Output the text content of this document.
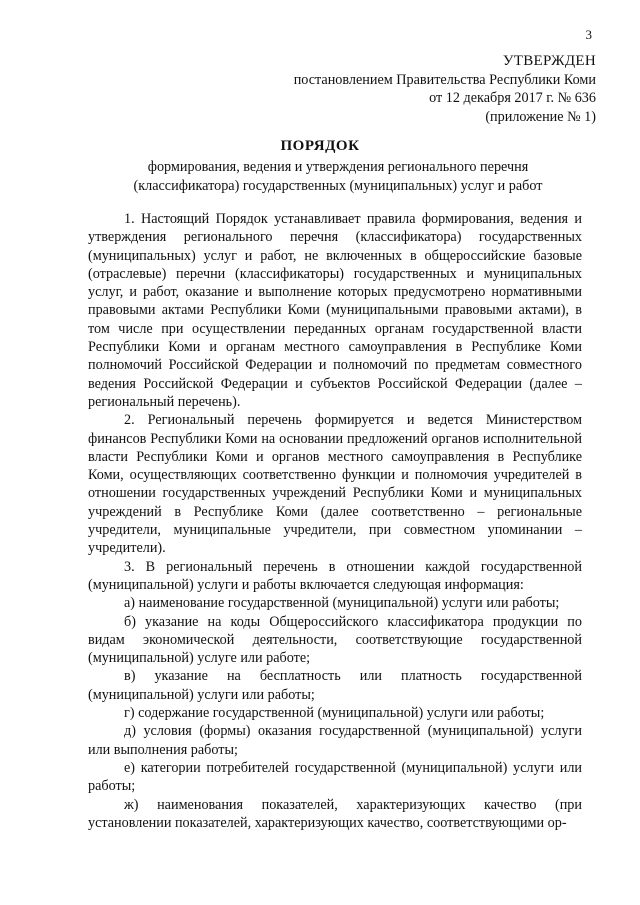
3
УТВЕРЖДЕН
постановлением Правительства Республики Коми
от 12 декабря 2017 г. № 636
(приложение № 1)
ПОРЯДОК
формирования, ведения и утверждения регионального перечня
(классификатора) государственных (муниципальных) услуг и работ

1. Настоящий Порядок устанавливает правила формирования, ведения и утверждения регионального перечня (классификатора) государственных (муниципальных) услуг и работ, не включенных в общероссийские базовые (отраслевые) перечни (классификаторы) государственных и муниципальных услуг, и работ, оказание и выполнение которых предусмотрено нормативными правовыми актами Республики Коми (муниципальными правовыми актами), в том числе при осуществлении переданных органам государственной власти Республики Коми и органам местного самоуправления в Республике Коми полномочий Российской Федерации и полномочий по предметам совместного ведения Российской Федерации и субъектов Российской Федерации (далее – региональный перечень).

2. Региональный перечень формируется и ведется Министерством финансов Республики Коми на основании предложений органов исполнительной власти Республики Коми и органов местного самоуправления в Республике Коми, осуществляющих соответственно функции и полномочия учредителей в отношении государственных учреждений Республики Коми и муниципальных учреждений в Республике Коми (далее соответственно – региональные учредители, муниципальные учредители, при совместном упоминании – учредители).

3. В региональный перечень в отношении каждой государственной (муниципальной) услуги и работы включается следующая информация:

а) наименование государственной (муниципальной) услуги или работы;

б) указание на коды Общероссийского классификатора продукции по видам экономической деятельности, соответствующие государственной (муниципальной) услуге или работе;

в) указание на бесплатность или платность государственной (муниципальной) услуги или работы;

г) содержание государственной (муниципальной) услуги или работы;

д) условия (формы) оказания государственной (муниципальной) услуги или выполнения работы;

е) категории потребителей государственной (муниципальной) услуги или работы;

ж) наименования показателей, характеризующих качество (при установлении показателей, характеризующих качество, соответствующими ор-
